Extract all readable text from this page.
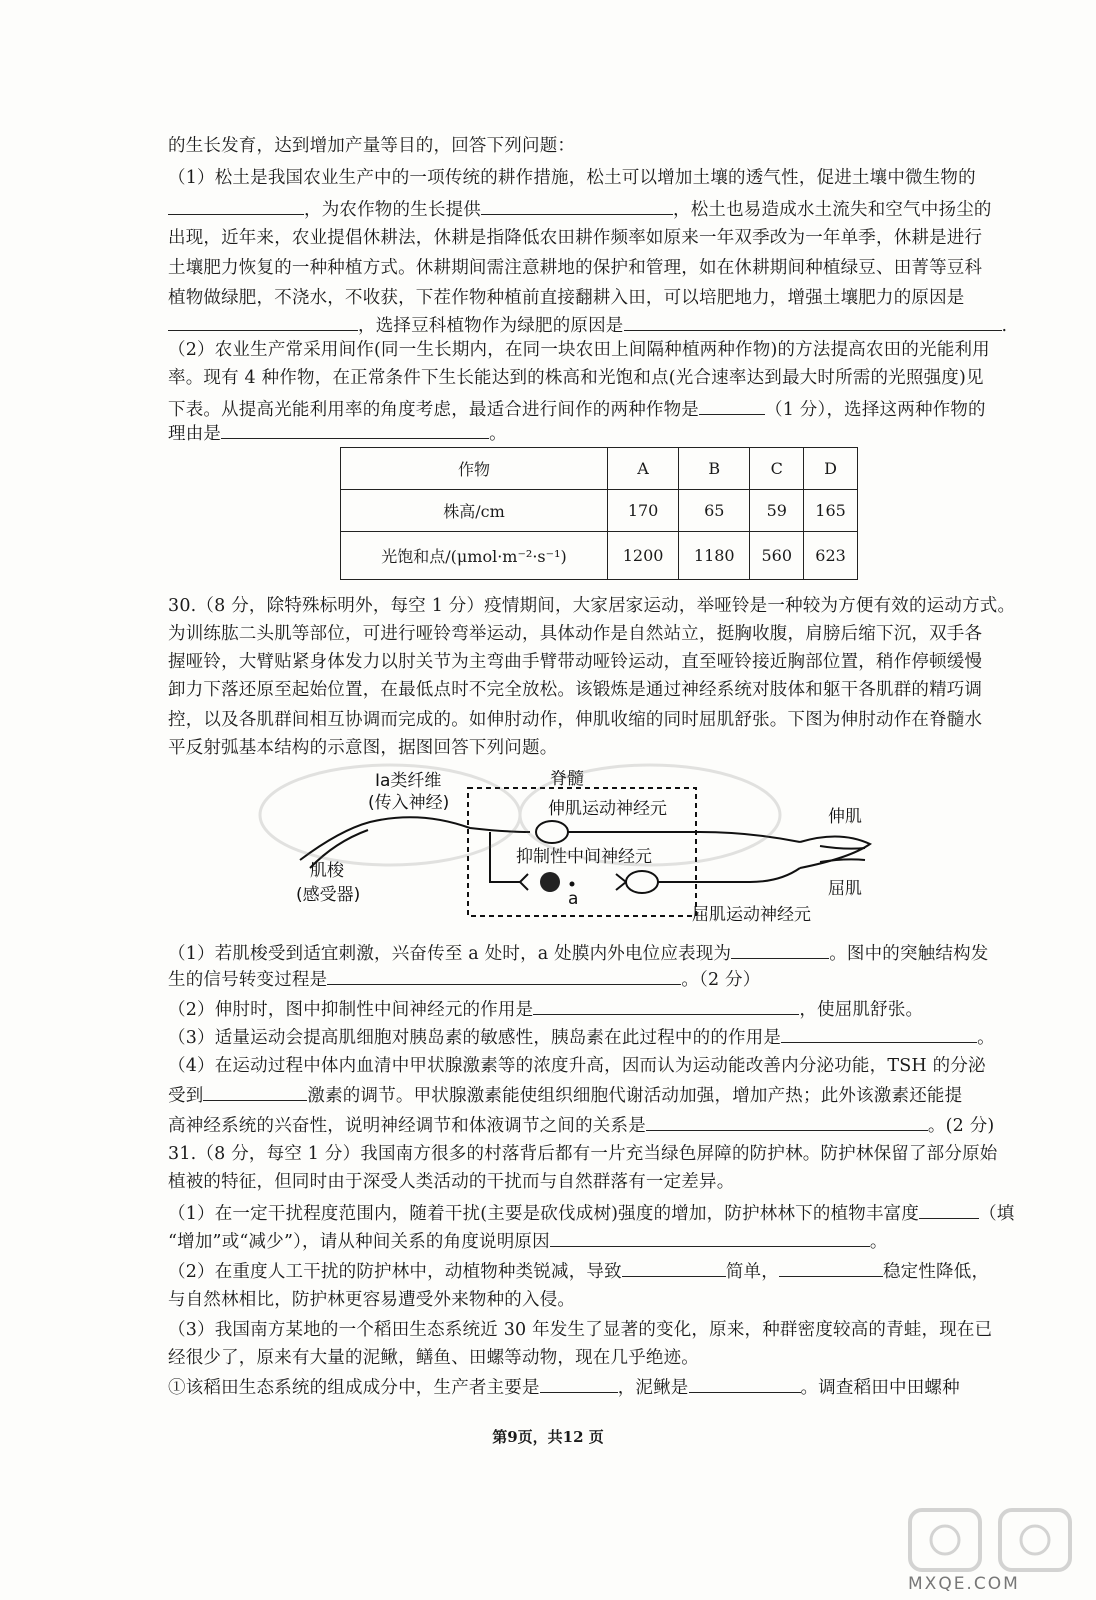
的生长发育，达到增加产量等目的，回答下列问题：
（1）松土是我国农业生产中的一项传统的耕作措施，松土可以增加土壤的透气性，促进土壤中微生物的
，为农作物的生长提供	，松土也易造成水土流失和空气中扬尘的
出现，近年来，农业提倡休耕法，休耕是指降低农田耕作频率如原来一年双季改为一年单季，休耕是进行
土壤肥力恢复的一种种植方式。休耕期间需注意耕地的保护和管理，如在休耕期间种植绿豆、田菁等豆科
植物做绿肥，不浇水，不收获，下茬作物种植前直接翻耕入田，可以培肥地力，增强土壤肥力的原因是
，选择豆科植物作为绿肥的原因是	.
（2）农业生产常采用间作(同一生长期内，在同一块农田上间隔种植两种作物)的方法提高农田的光能利用
率。现有 4 种作物，在正常条件下生长能达到的株高和光饱和点(光合速率达到最大时所需的光照强度)见
下表。从提高光能利用率的角度考虑，最适合进行间作的两种作物是	（1 分），选择这两种作物的
理由是	。
作物	A	B	C	D
株高/cm	170	65	59	165
光饱和点/(μmol·m⁻²·s⁻¹)	1200	1180	560	623
30.（8 分，除特殊标明外，每空 1 分）疫情期间，大家居家运动，举哑铃是一种较为方便有效的运动方式。
为训练肱二头肌等部位，可进行哑铃弯举运动，具体动作是自然站立，挺胸收腹，肩膀后缩下沉，双手各
握哑铃，大臂贴紧身体发力以肘关节为主弯曲手臂带动哑铃运动，直至哑铃接近胸部位置，稍作停顿缓慢
卸力下落还原至起始位置，在最低点时不完全放松。该锻炼是通过神经系统对肢体和躯干各肌群的精巧调
控，以及各肌群间相互协调而完成的。如伸肘动作，伸肌收缩的同时屈肌舒张。下图为伸肘动作在脊髓水
平反射弧基本结构的示意图，据图回答下列问题。
Ⅰa类纤维
(传入神经)
脊髓
伸肌运动神经元
抑制性中间神经元
a
肌梭
(感受器)
屈肌运动神经元
伸肌
屈肌
（1）若肌梭受到适宜刺激，兴奋传至 a 处时，a 处膜内外电位应表现为	。图中的突触结构发
生的信号转变过程是	。（2 分）
（2）伸肘时，图中抑制性中间神经元的作用是	，使屈肌舒张。
（3）适量运动会提高肌细胞对胰岛素的敏感性，胰岛素在此过程中的的作用是	。
（4）在运动过程中体内血清中甲状腺激素等的浓度升高，因而认为运动能改善内分泌功能，TSH 的分泌
受到	激素的调节。甲状腺激素能使组织细胞代谢活动加强，增加产热；此外该激素还能提
高神经系统的兴奋性，说明神经调节和体液调节之间的关系是	。(2 分)
31.（8 分，每空 1 分）我国南方很多的村落背后都有一片充当绿色屏障的防护林。防护林保留了部分原始
植被的特征，但同时由于深受人类活动的干扰而与自然群落有一定差异。
（1）在一定干扰程度范围内，随着干扰(主要是砍伐成树)强度的增加，防护林林下的植物丰富度	（填
“增加”或“减少”），请从种间关系的角度说明原因	。
（2）在重度人工干扰的防护林中，动植物种类锐减，导致	简单，	稳定性降低，
与自然林相比，防护林更容易遭受外来物种的入侵。
（3）我国南方某地的一个稻田生态系统近 30 年发生了显著的变化，原来，种群密度较高的青蛙，现在已
经很少了，原来有大量的泥鳅，鳝鱼、田螺等动物，现在几乎绝迹。
①该稻田生态系统的组成成分中，生产者主要是	，泥鳅是	。调查稻田中田螺种
第9页，共12 页
MXQE.COM
